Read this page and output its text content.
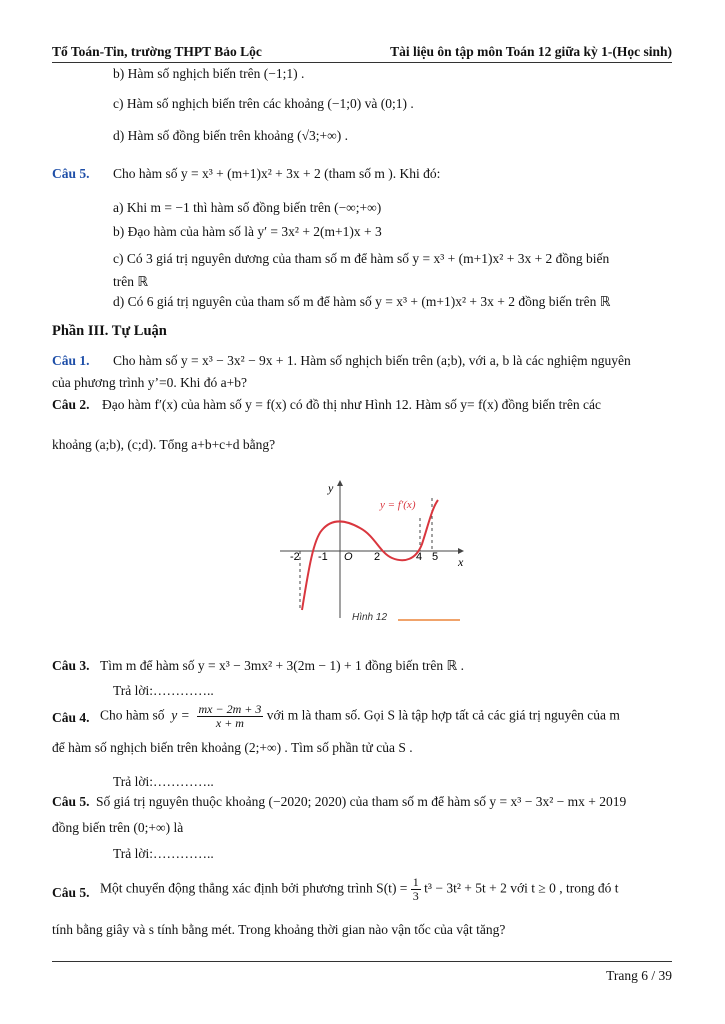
Tổ Toán-Tin, trường THPT Bảo Lộc	Tài liệu ôn tập môn Toán 12 giữa kỳ 1-(Học sinh)
b) Hàm số nghịch biến trên (−1;1) .
c) Hàm số nghịch biến trên các khoảng (−1;0) và (0;1) .
d) Hàm số đồng biến trên khoảng (√3;+∞) .
Câu 5. Cho hàm số y = x³ + (m+1)x² + 3x + 2 (tham số m ). Khi đó:
a) Khi m = −1 thì hàm số đồng biến trên (−∞;+∞)
b) Đạo hàm của hàm số là y′ = 3x² + 2(m+1)x + 3
c) Có 3 giá trị nguyên dương của tham số m để hàm số y = x³ + (m+1)x² + 3x + 2 đồng biến
trên ℝ
d) Có 6 giá trị nguyên của tham số m để hàm số y = x³ + (m+1)x² + 3x + 2 đồng biến trên ℝ
Phần III. Tự Luận
Câu 1. Cho hàm số y = x³ − 3x² − 9x + 1. Hàm số nghịch biến trên (a;b), với a, b là các nghiệm nguyên
của phương trình y’=0. Khi đó a+b?
Câu 2. Đạo hàm f′(x) của hàm số y = f(x) có đồ thị như Hình 12. Hàm số y= f(x) đồng biến trên các
khoảng (a;b), (c;d). Tổng a+b+c+d bằng?
y
x
y = f′(x)
-2 -1 O 2	4 5
Hình 12
Câu 3. Tìm m để hàm số y = x³ − 3mx² + 3(2m − 1) + 1 đồng biến trên ℝ .
Trả lời:…………..
Câu 4. Cho hàm số  $y = \frac{mx - 2m + 3}{x + m}$ với m là tham số. Gọi S là tập hợp tất cả các giá trị nguyên của m
để hàm số nghịch biến trên khoảng (2;+∞) . Tìm số phần tử của S .
Trả lời:…………..
Câu 5. Số giá trị nguyên thuộc khoảng (−2020; 2020) của tham số m để hàm số y = x³ − 3x² − mx + 2019
đồng biến trên (0;+∞) là
Trả lời:…………..
Câu 5. Một chuyển động thẳng xác định bởi phương trình $S(t) = \frac{1}{3} t^3 - 3t^2 + 5t + 2$ với t ≥ 0 , trong đó t
tính bằng giây và s tính bằng mét. Trong khoảng thời gian nào vận tốc của vật tăng?
Trang 6 / 39
